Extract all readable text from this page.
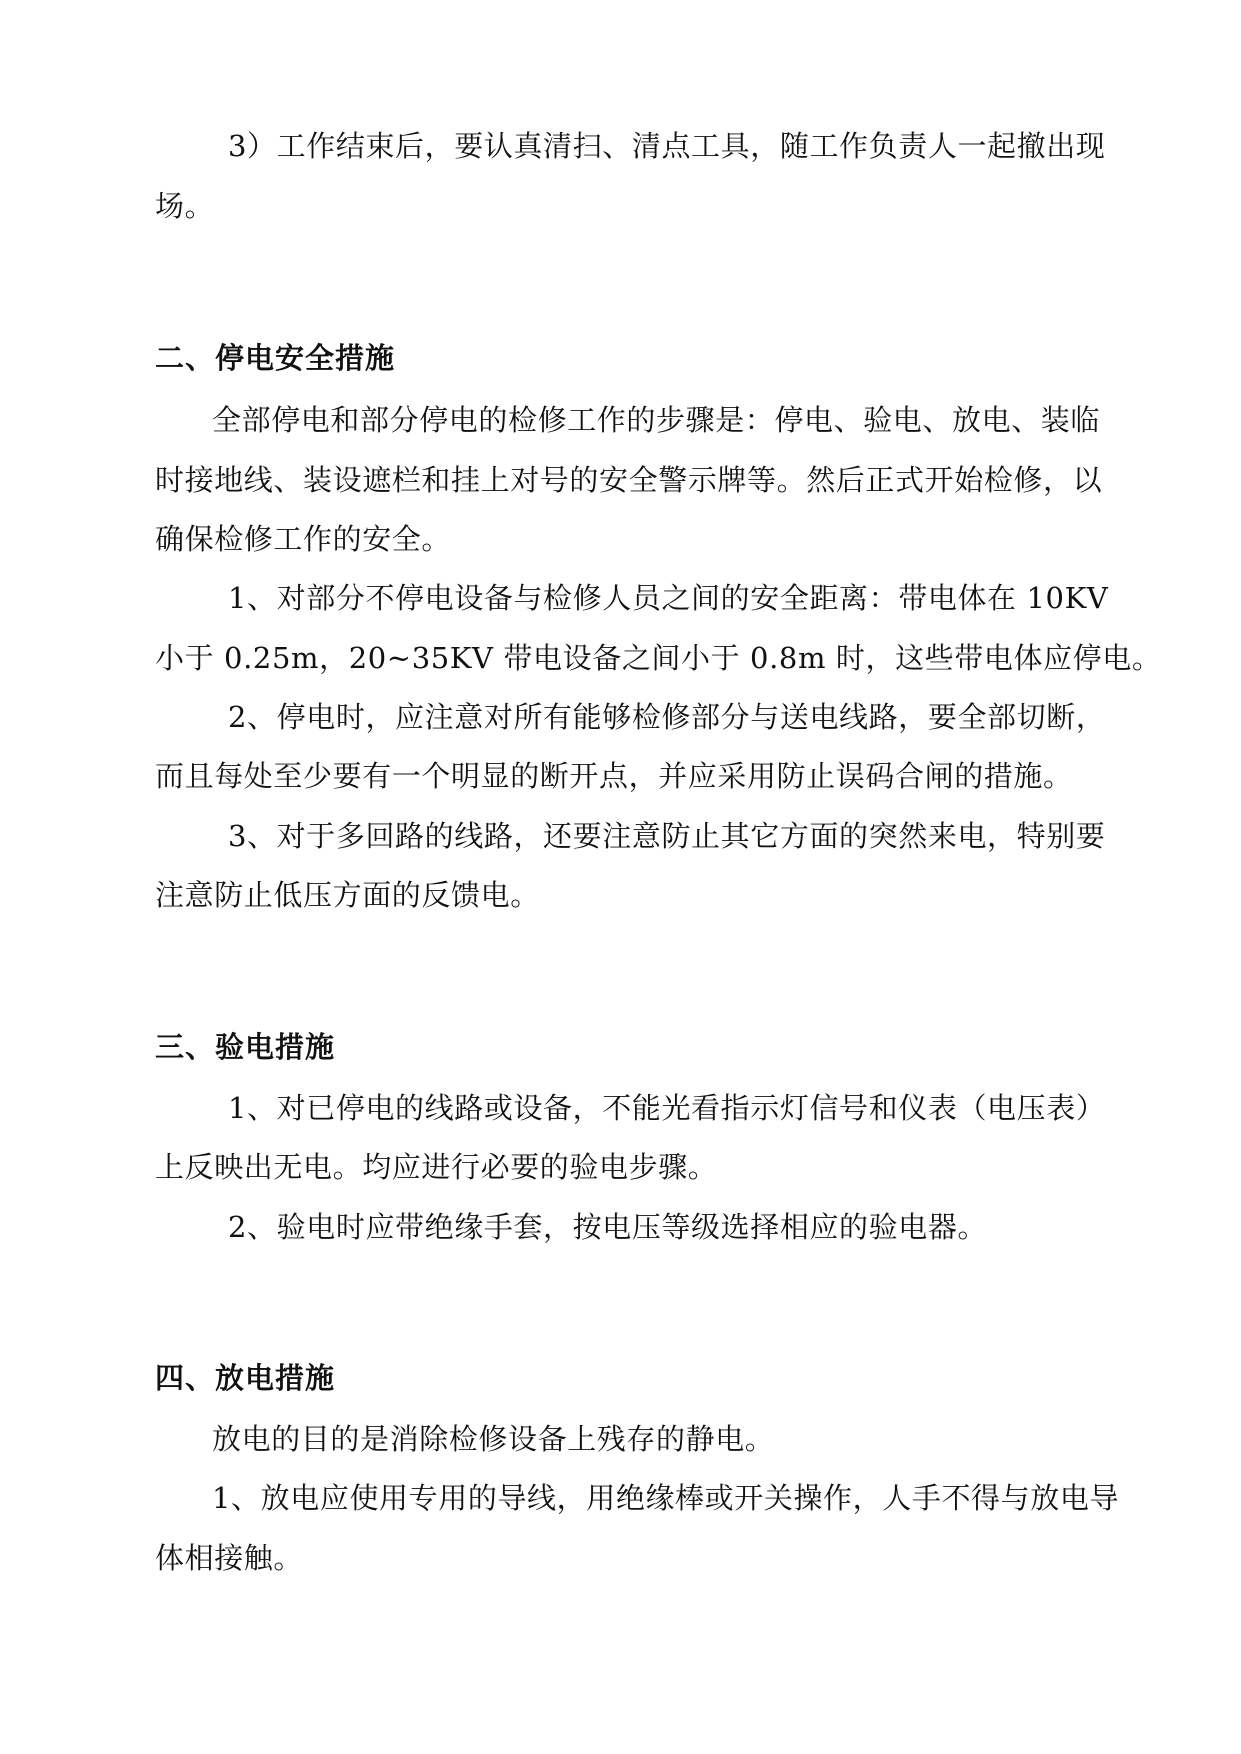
3）工作结束后，要认真清扫、清点工具，随工作负责人一起撤出现
场。
二、停电安全措施
全部停电和部分停电的检修工作的步骤是：停电、验电、放电、装临
时接地线、装设遮栏和挂上对号的安全警示牌等。然后正式开始检修，以
确保检修工作的安全。
1、对部分不停电设备与检修人员之间的安全距离：带电体在 10KV
小于 0.25m，20~35KV 带电设备之间小于 0.8m 时，这些带电体应停电。
2、停电时，应注意对所有能够检修部分与送电线路，要全部切断，
而且每处至少要有一个明显的断开点，并应采用防止误码合闸的措施。
3、对于多回路的线路，还要注意防止其它方面的突然来电，特别要
注意防止低压方面的反馈电。
三、验电措施
1、对已停电的线路或设备，不能光看指示灯信号和仪表（电压表）
上反映出无电。均应进行必要的验电步骤。
2、验电时应带绝缘手套，按电压等级选择相应的验电器。
四、放电措施
放电的目的是消除检修设备上残存的静电。
1、放电应使用专用的导线，用绝缘棒或开关操作，人手不得与放电导
体相接触。
